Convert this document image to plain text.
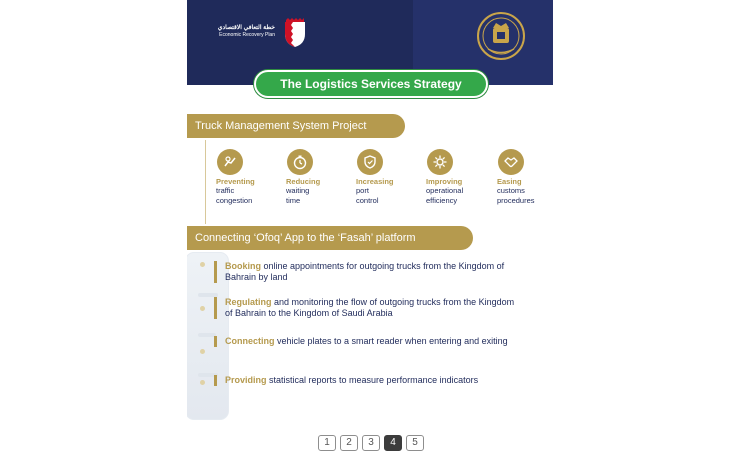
خطة التعافي الاقتصادي
Economic Recovery Plan
The Logistics Services Strategy
Truck Management System Project
Preventing
traffic
congestion
Reducing
waiting
time
Increasing
port
control
Improving
operational
efficiency
Easing
customs
procedures
Connecting ‘Ofoq’ App to the ‘Fasah’ platform
Booking online appointments for outgoing trucks from the Kingdom of Bahrain by land
Regulating and monitoring the flow of outgoing trucks from the Kingdom of Bahrain to the Kingdom of Saudi Arabia
Connecting vehicle plates to a smart reader when entering and exiting
Providing statistical reports to measure performance indicators
1	2	3	4	5
